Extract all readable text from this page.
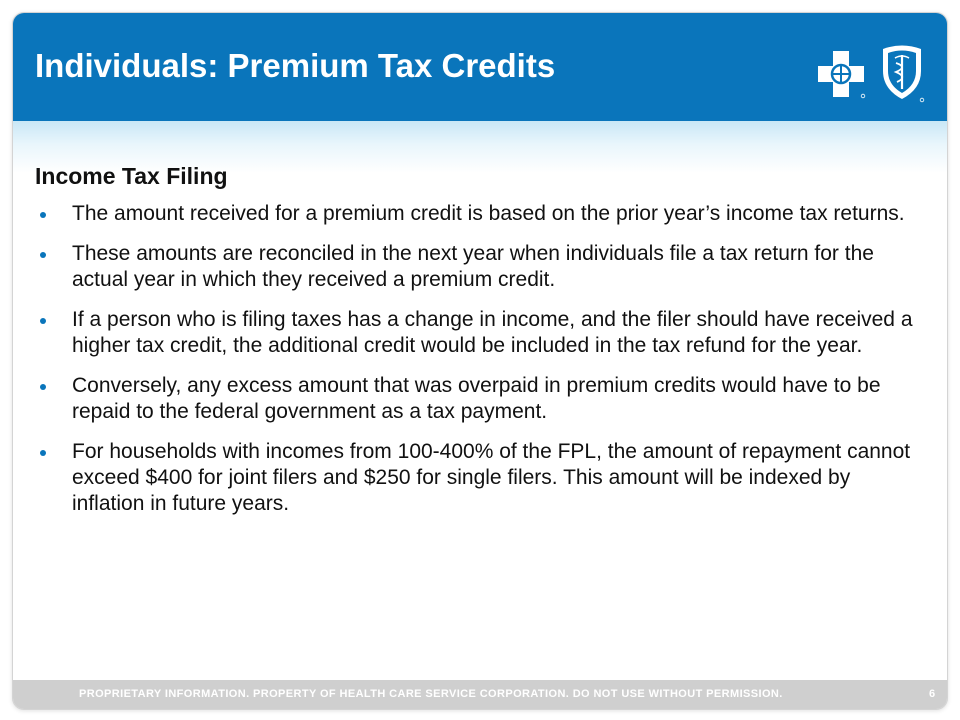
Individuals: Premium Tax Credits
Income Tax Filing
The amount received for a premium credit is based on the prior year’s income tax returns.
These amounts are reconciled in the next year when individuals file a tax return for the actual year in which they received a premium credit.
If a person who is filing taxes has a change in income, and the filer should have received a higher tax credit, the additional credit would be included in the tax refund for the year.
Conversely, any excess amount that was overpaid in premium credits would have to be repaid to the federal government as a tax payment.
For households with incomes from 100-400% of the FPL, the amount of repayment cannot exceed $400 for joint filers and $250 for single filers. This amount will be indexed by inflation in future years.
PROPRIETARY INFORMATION. PROPERTY OF HEALTH CARE SERVICE CORPORATION. DO NOT USE WITHOUT PERMISSION.	6
